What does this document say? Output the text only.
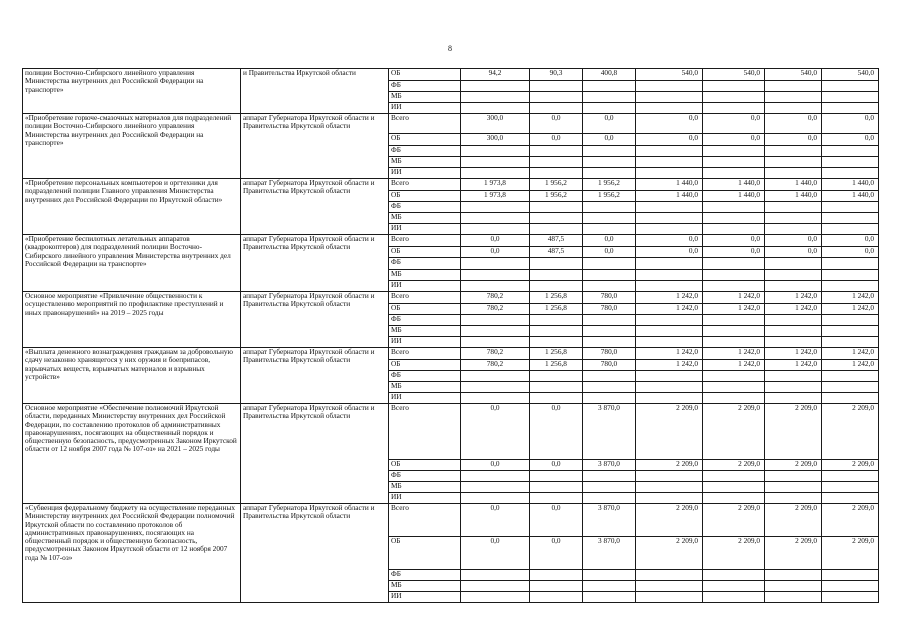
8
полиции Восточно-Сибирского линейного управления Министерства внутренних дел Российской Федерации на транспорте»	и Правительства Иркутской области	ОБ	94,2	90,3	400,8	540,0	540,0	540,0	540,0
		ФБ							
		МБ							
		ИИ							
«Приобретение горюче-смазочных материалов для подразделений полиции Восточно-Сибирского линейного управления Министерства внутренних дел Российской Федерации на транспорте»	аппарат Губернатора Иркутской области и Правительства Иркутской области	Всего	300,0	0,0	0,0	0,0	0,0	0,0	0,0
		ОБ	300,0	0,0	0,0	0,0	0,0	0,0	0,0
		ФБ							
		МБ							
		ИИ							
«Приобретение персональных компьютеров и оргтехники для подразделений полиции Главного управления Министерства внутренних дел Российской Федерации по Иркутской области»	аппарат Губернатора Иркутской области и Правительства Иркутской области	Всего	1 973,8	1 956,2	1 956,2	1 440,0	1 440,0	1 440,0	1 440,0
		ОБ	1 973,8	1 956,2	1 956,2	1 440,0	1 440,0	1 440,0	1 440,0
		ФБ							
		МБ							
		ИИ							
«Приобретение беспилотных летательных аппаратов (квадрокоптеров) для подразделений полиции Восточно-Сибирского линейного управления Министерства внутренних дел Российской Федерации на транспорте»	аппарат Губернатора Иркутской области и Правительства Иркутской области	Всего	0,0	487,5	0,0	0,0	0,0	0,0	0,0
		ОБ	0,0	487,5	0,0	0,0	0,0	0,0	0,0
		ФБ							
		МБ							
		ИИ							
Основное мероприятие «Привлечение общественности к осуществлению мероприятий по профилактике преступлений и иных правонарушений» на 2019 – 2025 годы	аппарат Губернатора Иркутской области и Правительства Иркутской области	Всего	780,2	1 256,8	780,0	1 242,0	1 242,0	1 242,0	1 242,0
		ОБ	780,2	1 256,8	780,0	1 242,0	1 242,0	1 242,0	1 242,0
		ФБ							
		МБ							
		ИИ							
«Выплата денежного вознаграждения гражданам за добровольную сдачу незаконно хранящегося у них оружия и боеприпасов, взрывчатых веществ, взрывчатых материалов и взрывных устройств»	аппарат Губернатора Иркутской области и Правительства Иркутской области	Всего	780,2	1 256,8	780,0	1 242,0	1 242,0	1 242,0	1 242,0
		ОБ	780,2	1 256,8	780,0	1 242,0	1 242,0	1 242,0	1 242,0
		ФБ							
		МБ							
		ИИ							
Основное мероприятие «Обеспечение полномочий Иркутской области, переданных Министерству внутренних дел Российской Федерации, по составлению протоколов об административных правонарушениях, посягающих на общественный порядок и общественную безопасность, предусмотренных Законом Иркутской области от 12 ноября 2007 года № 107-оз» на 2021 – 2025 годы	аппарат Губернатора Иркутской области и Правительства Иркутской области	Всего	0,0	0,0	3 870,0	2 209,0	2 209,0	2 209,0	2 209,0
		ОБ	0,0	0,0	3 870,0	2 209,0	2 209,0	2 209,0	2 209,0
		ФБ							
		МБ							
		ИИ							
«Субвенция федеральному бюджету на осуществление переданных Министерству внутренних дел Российской Федерации полномочий Иркутской области по составлению протоколов об административных правонарушениях, посягающих на общественный порядок и общественную безопасность, предусмотренных Законом Иркутской области от 12 ноября 2007 года № 107-оз»	аппарат Губернатора Иркутской области и Правительства Иркутской области	Всего	0,0	0,0	3 870,0	2 209,0	2 209,0	2 209,0	2 209,0
		ОБ	0,0	0,0	3 870,0	2 209,0	2 209,0	2 209,0	2 209,0
		ФБ							
		МБ							
		ИИ							
